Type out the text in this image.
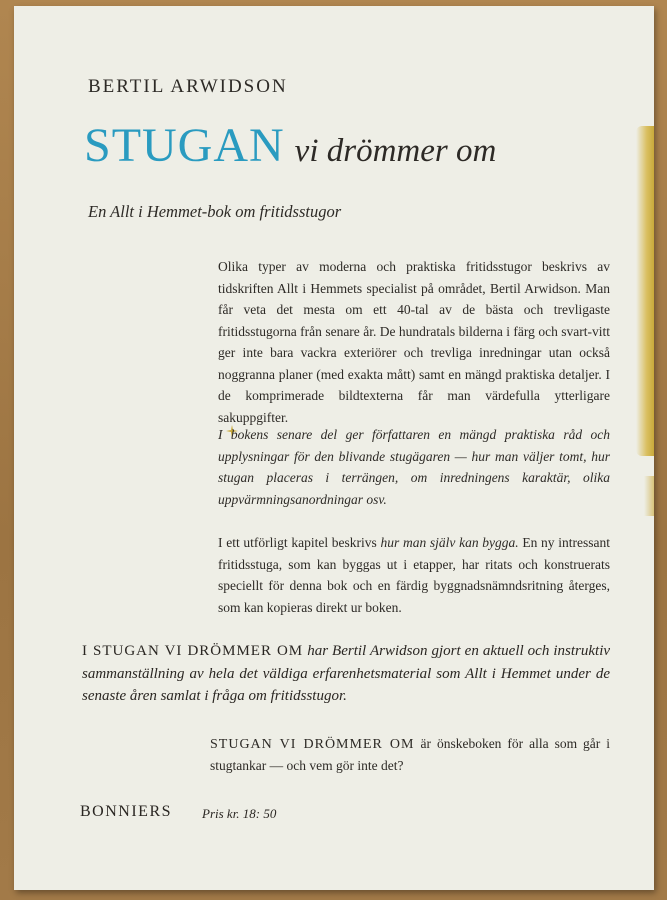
BERTIL ARWIDSON
STUGAN vi drömmer om
En Allt i Hemmet-bok om fritidsstugor

Olika typer av moderna och praktiska fritidsstugor beskrivs av tidskriften Allt i Hemmets specialist på området, Bertil Arwidson. Man får veta det mesta om ett 40-tal av de bästa och trevligaste fritidsstugorna från senare år. De hundratals bilderna i färg och svart-vitt ger inte bara vackra exteriörer och trevliga inredningar utan också noggranna planer (med exakta mått) samt en mängd praktiska detaljer. I de komprimerade bildtexterna får man värdefulla ytterligare sakuppgifter.

I bokens senare del ger författaren en mängd praktiska råd och upplysningar för den blivande stugägaren — hur man väljer tomt, hur stugan placeras i terrängen, om inredningens karaktär, olika uppvärmningsanordningar osv.

I ett utförligt kapitel beskrivs hur man själv kan bygga. En ny intressant fritidsstuga, som kan byggas ut i etapper, har ritats och konstruerats speciellt för denna bok och en färdig byggnadsnämndsritning återges, som kan kopieras direkt ur boken.

I STUGAN VI DRÖMMER OM har Bertil Arwidson gjort en aktuell och instruktiv sammanställning av hela det väldiga erfarenhetsmaterial som Allt i Hemmet under de senaste åren samlat i fråga om fritidsstugor.
STUGAN VI DRÖMMER OM är önskeboken för alla som går i stugtankar — och vem gör inte det?
BONNIERS Pris kr. 18: 50
